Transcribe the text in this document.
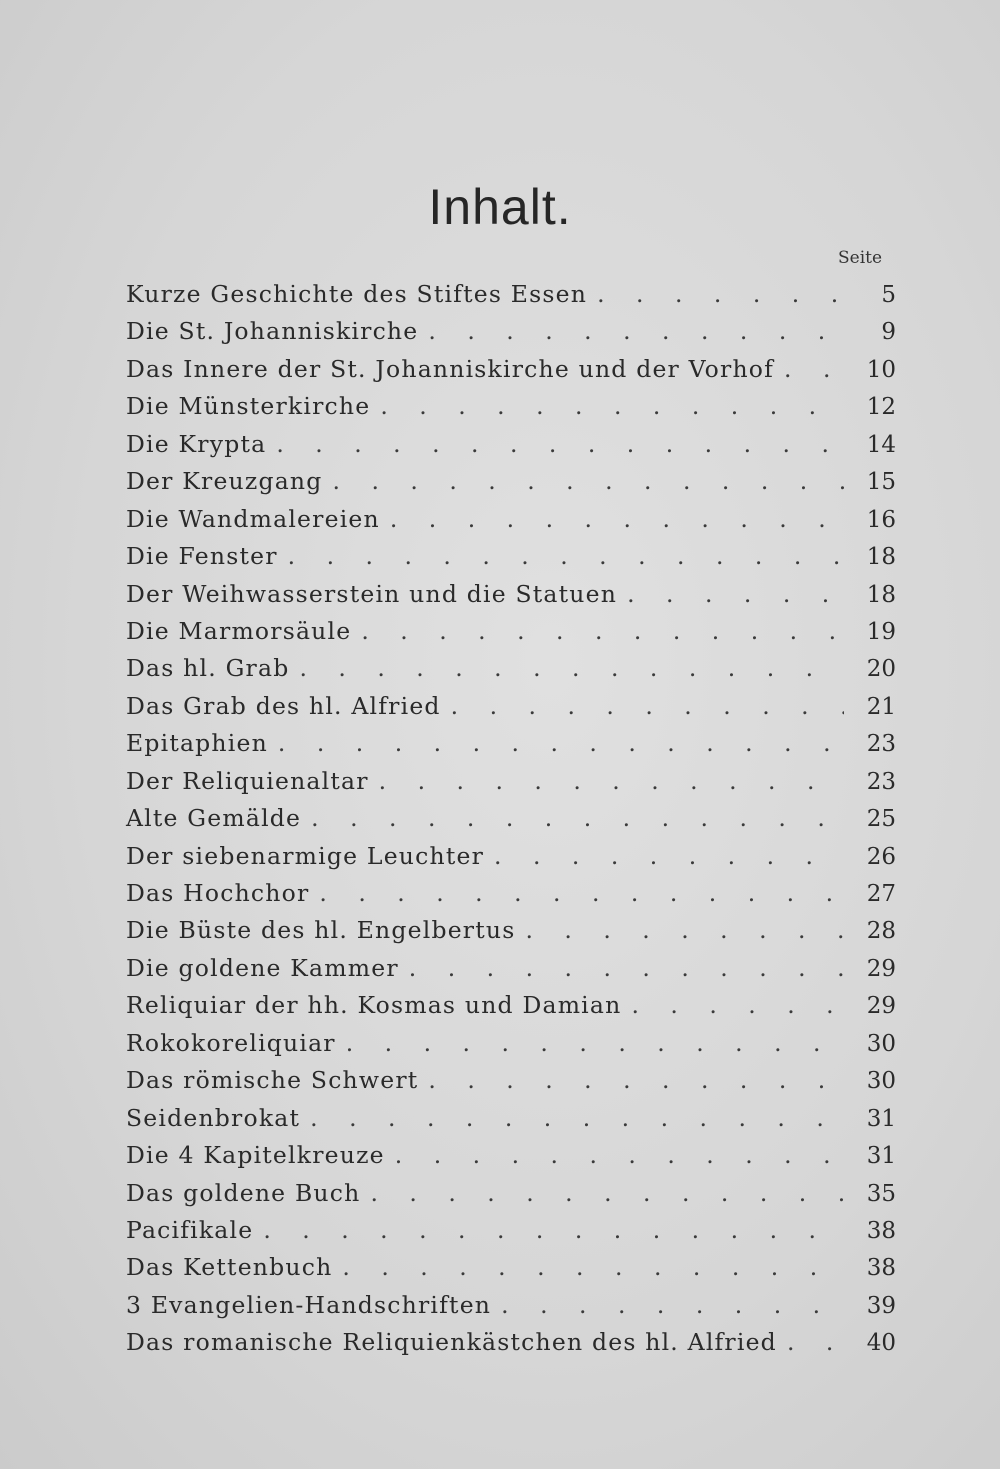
Inhalt.
Seite
Kurze Geschichte des Stiftes Essen . . .	5
Die St. Johanniskirche . . .	9
Das Innere der St. Johanniskirche und der Vorhof . . .	10
Die Münsterkirche . . .	12
Die Krypta . . .	14
Der Kreuzgang . . .	15
Die Wandmalereien . . .	16
Die Fenster . . .	18
Der Weihwasserstein und die Statuen . . .	18
Die Marmorsäule . . .	19
Das hl. Grab . . .	20
Das Grab des hl. Alfried . . .	21
Epitaphien . . .	23
Der Reliquienaltar . . .	23
Alte Gemälde . . .	25
Der siebenarmige Leuchter . . .	26
Das Hochchor . . .	27
Die Büste des hl. Engelbertus . . .	28
Die goldene Kammer . . .	29
Reliquiar der hh. Kosmas und Damian . . .	29
Rokokoreliquiar . . .	30
Das römische Schwert . . .	30
Seidenbrokat . . .	31
Die 4 Kapitelkreuze . . .	31
Das goldene Buch . . .	35
Pacifikale . . .	38
Das Kettenbuch . . .	38
3 Evangelien-Handschriften . . .	39
Das romanische Reliquienkästchen des hl. Alfried . . .	40
